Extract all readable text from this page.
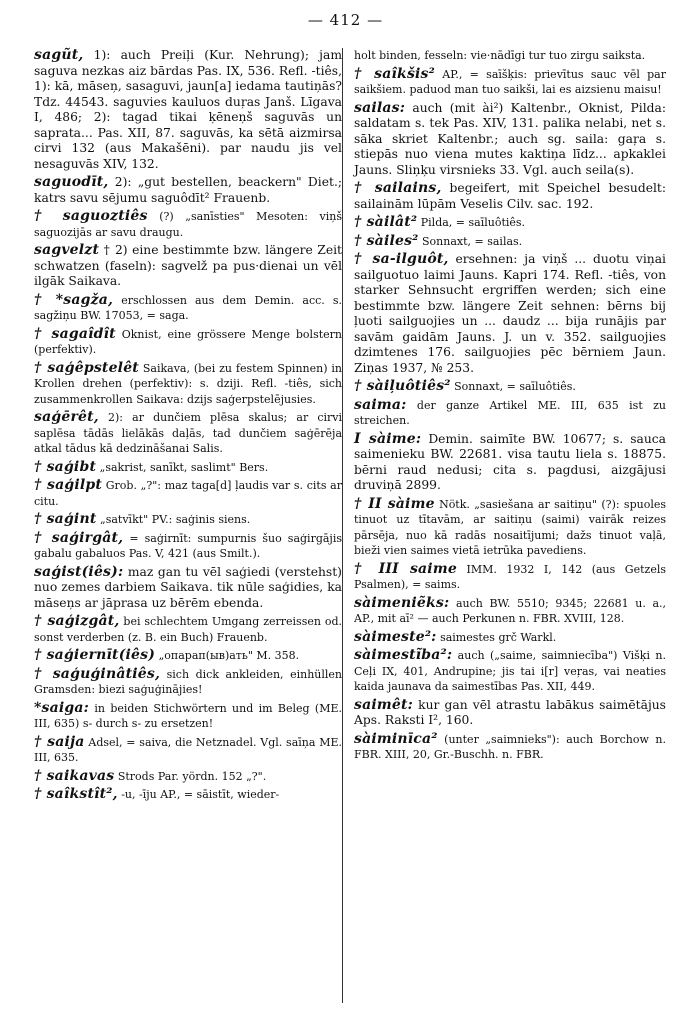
— 412 —

sagũt, 1): auch Preiļi (Kur. Nehrung); jam saguva nezkas aiz bārdas Pas. IX, 536. Refl. -tiês, 1): kā, māseņ, sasaguvi, jaun[a] iedama tautiņās? Tdz. 44543. saguvies kauluos duŗas Janš. Līgava I, 486; 2): tagad tikai ķēneņš saguvās un saprata... Pas. XII, 87. saguvās, ka sētā aizmirsa cirvi 132 (aus Makašēni). par naudu jis vel nesaguvās XIV, 132.

saguodīt, 2): „gut bestellen, beackern" Diet.; katrs savu sējumu saguôdīt² Frauenb.

† saguoztiês (?) „sanīsties" Mesoten: viņš saguozijās ar savu draugu.

sagvelzt † 2) eine bestimmte bzw. längere Zeit schwatzen (faseln): sagvelž pa pus·dienai un vēl ilgāk Saikava.

† *sagža, erschlossen aus dem Demin. acc. s. sagžiņu BW. 17053, = saga.

† sagaîdît Oknist, eine grössere Menge bolstern (perfektiv).

† saģêpstelêt Saikava, (bei zu festem Spinnen) in Krollen drehen (perfektiv): s. dziji. Refl. -tiês, sich zusammenkrollen Saikava: dzijs saģerpstelējusies.

saģērêt, 2): ar dunčiem plēsa skalus; ar cirvi saplēsa tādās lielākās daļās, tad dunčiem saģērēja atkal tādus kā dedzināšanai Salis.

† saģibt „sakrist, sanīkt, saslimt" Bers.

† saģilpt Grob. „?": maz taga[d] ļaudis var s. cits ar citu.

† saģint „satvīkt" PV.: saģinis siens.

† saģirgât, = saģirnīt: sumpurnis šuo saģirgājis gabalu gabaluos Pas. V, 421 (aus Smilt.).

saģist(iês): maz gan tu vēl saģiedi (verstehst) nuo zemes darbiem Saikava. tik nūle saģidies, ka māseņs ar jāprasa uz bērēm ebenda.

† saģizgât, bei schlechtem Umgang zerreissen od. sonst verderben (z. B. ein Buch) Frauenb.

† saģiernīt(iês) „опарап(ыв)ать" M. 358.

† saģuģinâtiês, sich dick ankleiden, einhüllen Gramsden: biezi saģuģinājies!

*saiga: in beiden Stichwörtern und im Beleg (ME. III, 635) s- durch s- zu ersetzen!

† saija Adsel, = saiva, die Netznadel. Vgl. saīņa ME. III, 635.

† saikavas Strods Par. yördn. 152 „?".

† saîkstît², -u, -īju AP., = sāistīt, wieder-

holt binden, fesseln: vie·nādīgi tur tuo zirgu saiksta.

† saîkšis² AP., = saīšķis: prievītus sauc vēl par saikšiem. paduod man tuo saikši, lai es aizsienu maisu!

sailas: auch (mit ài²) Kaltenbr., Oknist, Pilda: saldatam s. tek Pas. XIV, 131. palika nelabi, net s. sāka skriet Kaltenbr.; auch sg. saila: gaŗa s. stiepās nuo viena mutes kaktiņa līdz... apkaklei Jauns. Sliņķu virsnieks 33. Vgl. auch seila(s).

† sailains, begeifert, mit Speichel besudelt: sailainām lūpām Veselis Cilv. sac. 192.

† sàilât² Pilda, = saīluôtiês.

† sàiles² Sonnaxt, = sailas.

† sa-ilguôt, ersehnen: ja viņš ... duotu viņai sailguotuo laimi Jauns. Kapri 174. Refl. -tiês, von starker Sehnsucht ergriffen werden; sich eine bestimmte bzw. längere Zeit sehnen: bērns bij ļuoti sailguojies un ... daudz ... bija runājis par savām gaidām Jauns. J. un v. 352. sailguojies dzimtenes 176. sailguojies pēc bērniem Jaun. Ziņas 1937, № 253.

† sàiļuôtiês² Sonnaxt, = saīluôtiês.

saima: der ganze Artikel ME. III, 635 ist zu streichen.

I sàime: Demin. saimīte BW. 10677; s. sauca saimenieku BW. 22681. visa tautu liela s. 18875. bērni raud nedusi; cita s. pagdusi, aizgājusi druviņā 2899.

† II sàime Nötk. „sasiešana ar saitiņu" (?): spuoles tinuot uz tītavām, ar saitiņu (saimi) vairāk reizes pārsēja, nuo kā radās nosaitījumi; dažs tinuot vaļā, bieži vien saimes vietā ietrūka pavediens.

† III saime IMM. 1932 I, 142 (aus Getzels Psalmen), = saims.

sàimeniẽks: auch BW. 5510; 9345; 22681 u. a., AP., mit aī² — auch Perkunen n. FBR. XVIII, 128.

sàimeste²: saimestes grč Warkl.

sàimestĩba²: auch („saime, saimniecība") Višķi n. Ceļi IX, 401, Andrupine; jis tai i[r] veŗas, vai neaties kaida jaunava da saimestības Pas. XII, 449.

saimêt: kur gan vēl atrastu labākus saimētājus Aps. Raksti I², 160.

sàiminīca² (unter „saimnieks"): auch Borchow n. FBR. XIII, 20, Gr.-Buschh. n. FBR.
